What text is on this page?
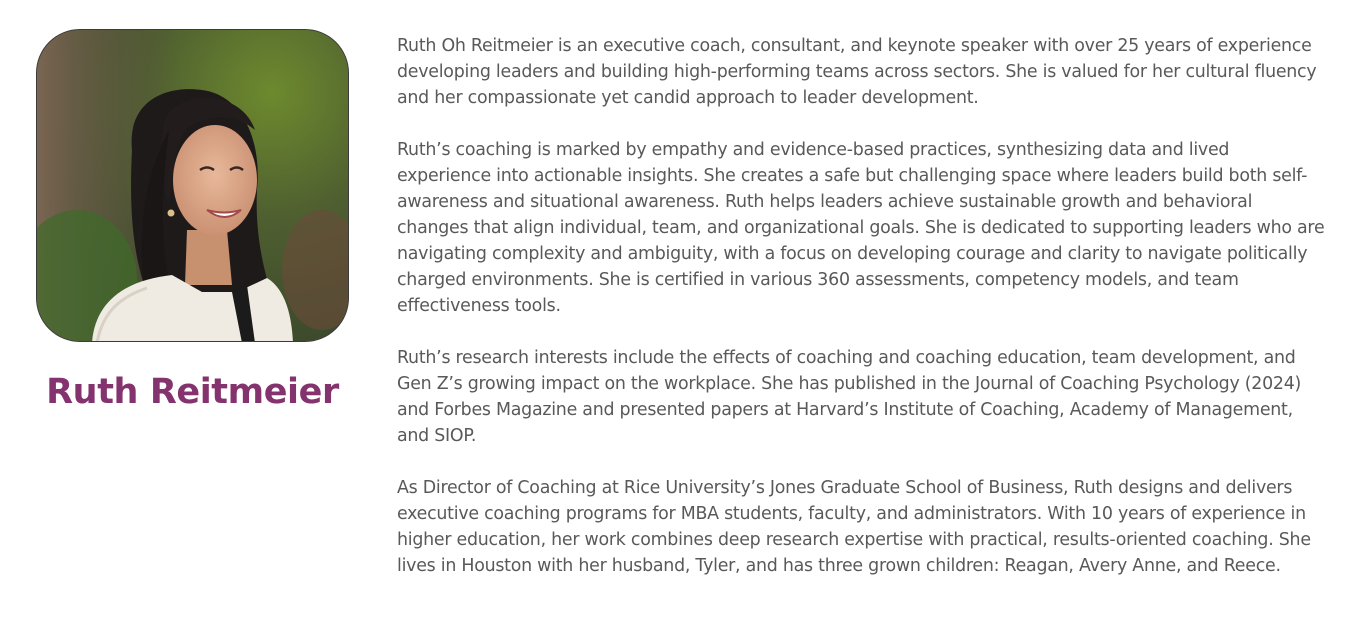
Ruth Reitmeier

Ruth Oh Reitmeier is an executive coach, consultant, and keynote speaker with over 25 years of experience developing leaders and building high-performing teams across sectors. She is valued for her cultural fluency and her compassionate yet candid approach to leader development.

Ruth’s coaching is marked by empathy and evidence-based practices, synthesizing data and lived experience into actionable insights. She creates a safe but challenging space where leaders build both self-awareness and situational awareness. Ruth helps leaders achieve sustainable growth and behavioral changes that align individual, team, and organizational goals. She is dedicated to supporting leaders who are navigating complexity and ambiguity, with a focus on developing courage and clarity to navigate politically charged environments. She is certified in various 360 assessments, competency models, and team effectiveness tools.

Ruth’s research interests include the effects of coaching and coaching education, team development, and Gen Z’s growing impact on the workplace. She has published in the Journal of Coaching Psychology (2024) and Forbes Magazine and presented papers at Harvard’s Institute of Coaching, Academy of Management, and SIOP.

As Director of Coaching at Rice University’s Jones Graduate School of Business, Ruth designs and delivers executive coaching programs for MBA students, faculty, and administrators. With 10 years of experience in higher education, her work combines deep research expertise with practical, results-oriented coaching. She lives in Houston with her husband, Tyler, and has three grown children: Reagan, Avery Anne, and Reece.
